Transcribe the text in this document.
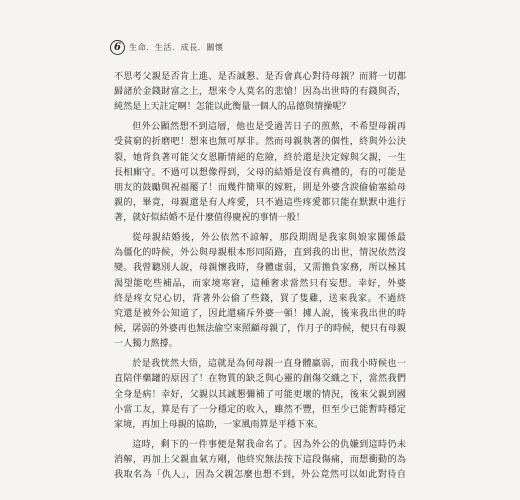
6	生命．生活．成長．關懷
不思考父親是否肯上進、是否誠懇、是否會真心對待母親？而將一切都
歸諸於金錢財富之上，想來令人莫名的悲愴！因為出世時的有錢與否，
純然是上天註定啊！怎能以此衡量一個人的品德與情操呢？
但外公顯然想不到這層，他也是受過苦日子的煎熬，不希望母親再
受貧窮的折磨吧！想來也無可厚非。然而母親執著的個性，終與外公決
裂，她背負著可能父女恩斷情絕的危險，終於還是決定嫁與父親，一生
長相廝守。不過可以想像得到，父母的結婚是沒有典禮的，有的可能是
朋友的鼓勵與祝福罷了！而幾件簡單的嫁粧，則是外婆含淚偷偷塞給母
親的，畢竟，母親還是有人疼愛，只不過這些疼愛都只能在默默中進行
著，就好似結婚不是什麼值得慶祝的事情一般！
從母親結婚後，外公依然不諒解，那段期間是我家與娘家關係最
為僵化的時候，外公與母親根本形同陌路，直到我的出世，情況依然沒
變。我曾聽別人說，母親懷我時，身體虛弱，又需擔負家務，所以極其
渴望能吃些補品，而家境寒窘，這種奢求當然只有妄想。幸好，外婆
終是疼女兒心切，背著外公偷了些錢，買了隻雞，送來我家。不過終
究還是被外公知道了，因此還痛斥外婆一頓！據人說，後來我出世的時
候，孱弱的外婆再也無法偷空來照顧母親了，作月子的時候，便只有母親
一人獨力熬撐。
於是我恍然大悟，這就是為何母親一直身體羸弱，而我小時候也一
直陪伴藥罐的原因了！在物質的缺乏與心靈的創傷交織之下，當然我們
全身是病！幸好，父親以其誠懇彌補了可能更壞的情況，後來父親到國
小當工友，算是有了一分穩定的收入，雖然不豐，但至少已能暫時穩定
家境，再加上母親的協助，一家風雨算是平穩下來。
這時，剩下的一件事便是幫我命名了。因為外公的仇嫌到這時仍未
消解，再加上父親血氣方剛，他終究無法按下這段傷痛，而想衝動的為
我取名為「仇人」，因為父親怎麼也想不到，外公竟然可以如此對待自
